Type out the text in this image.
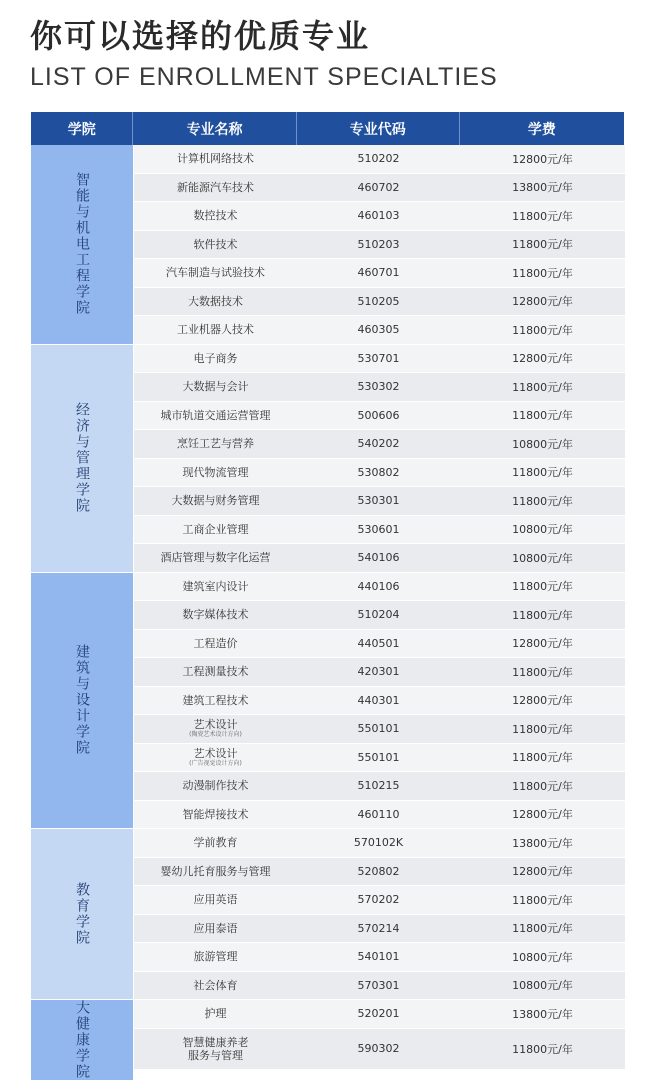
你可以选择的优质专业
LIST OF ENROLLMENT SPECIALTIES
学院	专业名称	专业代码	学费
智能与机电工程学院
计算机网络技术	510202	12800元/年
新能源汽车技术	460702	13800元/年
数控技术	460103	11800元/年
软件技术	510203	11800元/年
汽车制造与试验技术	460701	11800元/年
大数据技术	510205	12800元/年
工业机器人技术	460305	11800元/年
经济与管理学院
电子商务	530701	12800元/年
大数据与会计	530302	11800元/年
城市轨道交通运营管理	500606	11800元/年
烹饪工艺与营养	540202	10800元/年
现代物流管理	530802	11800元/年
大数据与财务管理	530301	11800元/年
工商企业管理	530601	10800元/年
酒店管理与数字化运营	540106	10800元/年
建筑与设计学院
建筑室内设计	440106	11800元/年
数字媒体技术	510204	11800元/年
工程造价	440501	12800元/年
工程测量技术	420301	11800元/年
建筑工程技术	440301	12800元/年
艺术设计
(陶瓷艺术设计方向)	550101	11800元/年
艺术设计
(广告视觉设计方向)	550101	11800元/年
动漫制作技术	510215	11800元/年
智能焊接技术	460110	12800元/年
教育学院
学前教育	570102K	13800元/年
婴幼儿托育服务与管理	520802	12800元/年
应用英语	570202	11800元/年
应用泰语	570214	11800元/年
旅游管理	540101	10800元/年
社会体育	570301	10800元/年
大健康学院	护理	520201	13800元/年
智慧健康养老
服务与管理	590302	11800元/年
